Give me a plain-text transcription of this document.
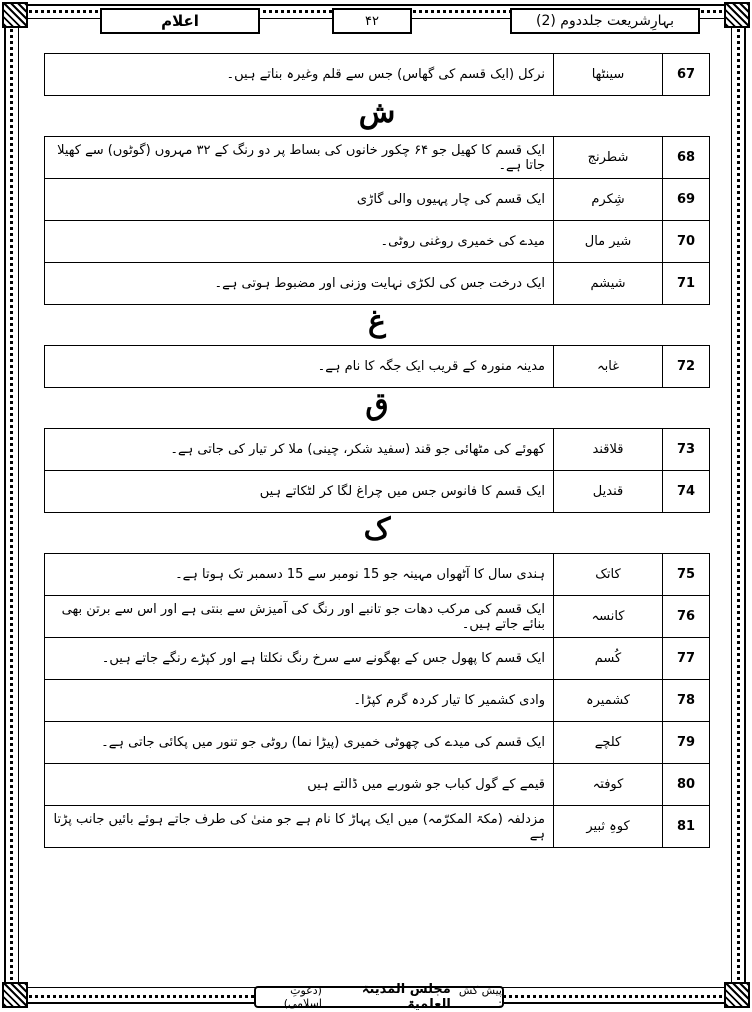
اعلام	۴۲	بہارِشریعت جلددوم (2)
67	سینٹھا	نرکل (ایک قسم کی گھاس) جس سے قلم وغیرہ بناتے ہیں۔
ش
68	شطرنج	ایک قسم کا کھیل جو ۶۴ چکور خانوں کی بساط پر دو رنگ کے ۳۲ مہروں (گوٹوں) سے کھیلا جاتا ہے۔
69	شِکرم	ایک قسم کی چار پہیوں والی گاڑی
70	شیر مال	میدے کی خمیری روغنی روٹی۔
71	شیشم	ایک درخت جس کی لکڑی نہایت وزنی اور مضبوط ہوتی ہے۔
غ
72	غابہ	مدینہ منورہ کے قریب ایک جگہ کا نام ہے۔
ق
73	قلاقند	کھوئے کی مٹھائی جو قند (سفید شکر، چینی) ملا کر تیار کی جاتی ہے۔
74	قندیل	ایک قسم کا فانوس جس میں چراغ لگا کر لٹکاتے ہیں
ک
75	کاتک	ہندی سال کا آٹھواں مہینہ جو 15 نومبر سے 15 دسمبر تک ہوتا ہے۔
76	کانسہ	ایک قسم کی مرکب دھات جو تانبے اور رنگ کی آمیزش سے بنتی ہے اور اس سے برتن بھی بنائے جاتے ہیں۔
77	کُسم	ایک قسم کا پھول جس کے بھگونے سے سرخ رنگ نکلتا ہے اور کپڑے رنگے جاتے ہیں۔
78	کشمیرہ	وادی کشمیر کا تیار کردہ گرم کپڑا۔
79	کلچے	ایک قسم کی میدے کی چھوٹی خمیری (پیڑا نما) روٹی جو تنور میں پکائی جاتی ہے۔
80	کوفتہ	قیمے کے گول کباب جو شوربے میں ڈالتے ہیں
81	کوہِ ثبیر	مزدلفہ (مکۃ المکرّمہ) میں ایک پہاڑ کا نام ہے جو منیٰ کی طرف جاتے ہوئے بائیں جانب پڑتا ہے
پیش کش :
مجلس المدینۃ العلمیۃ
(دعوتِ اسلامی)
